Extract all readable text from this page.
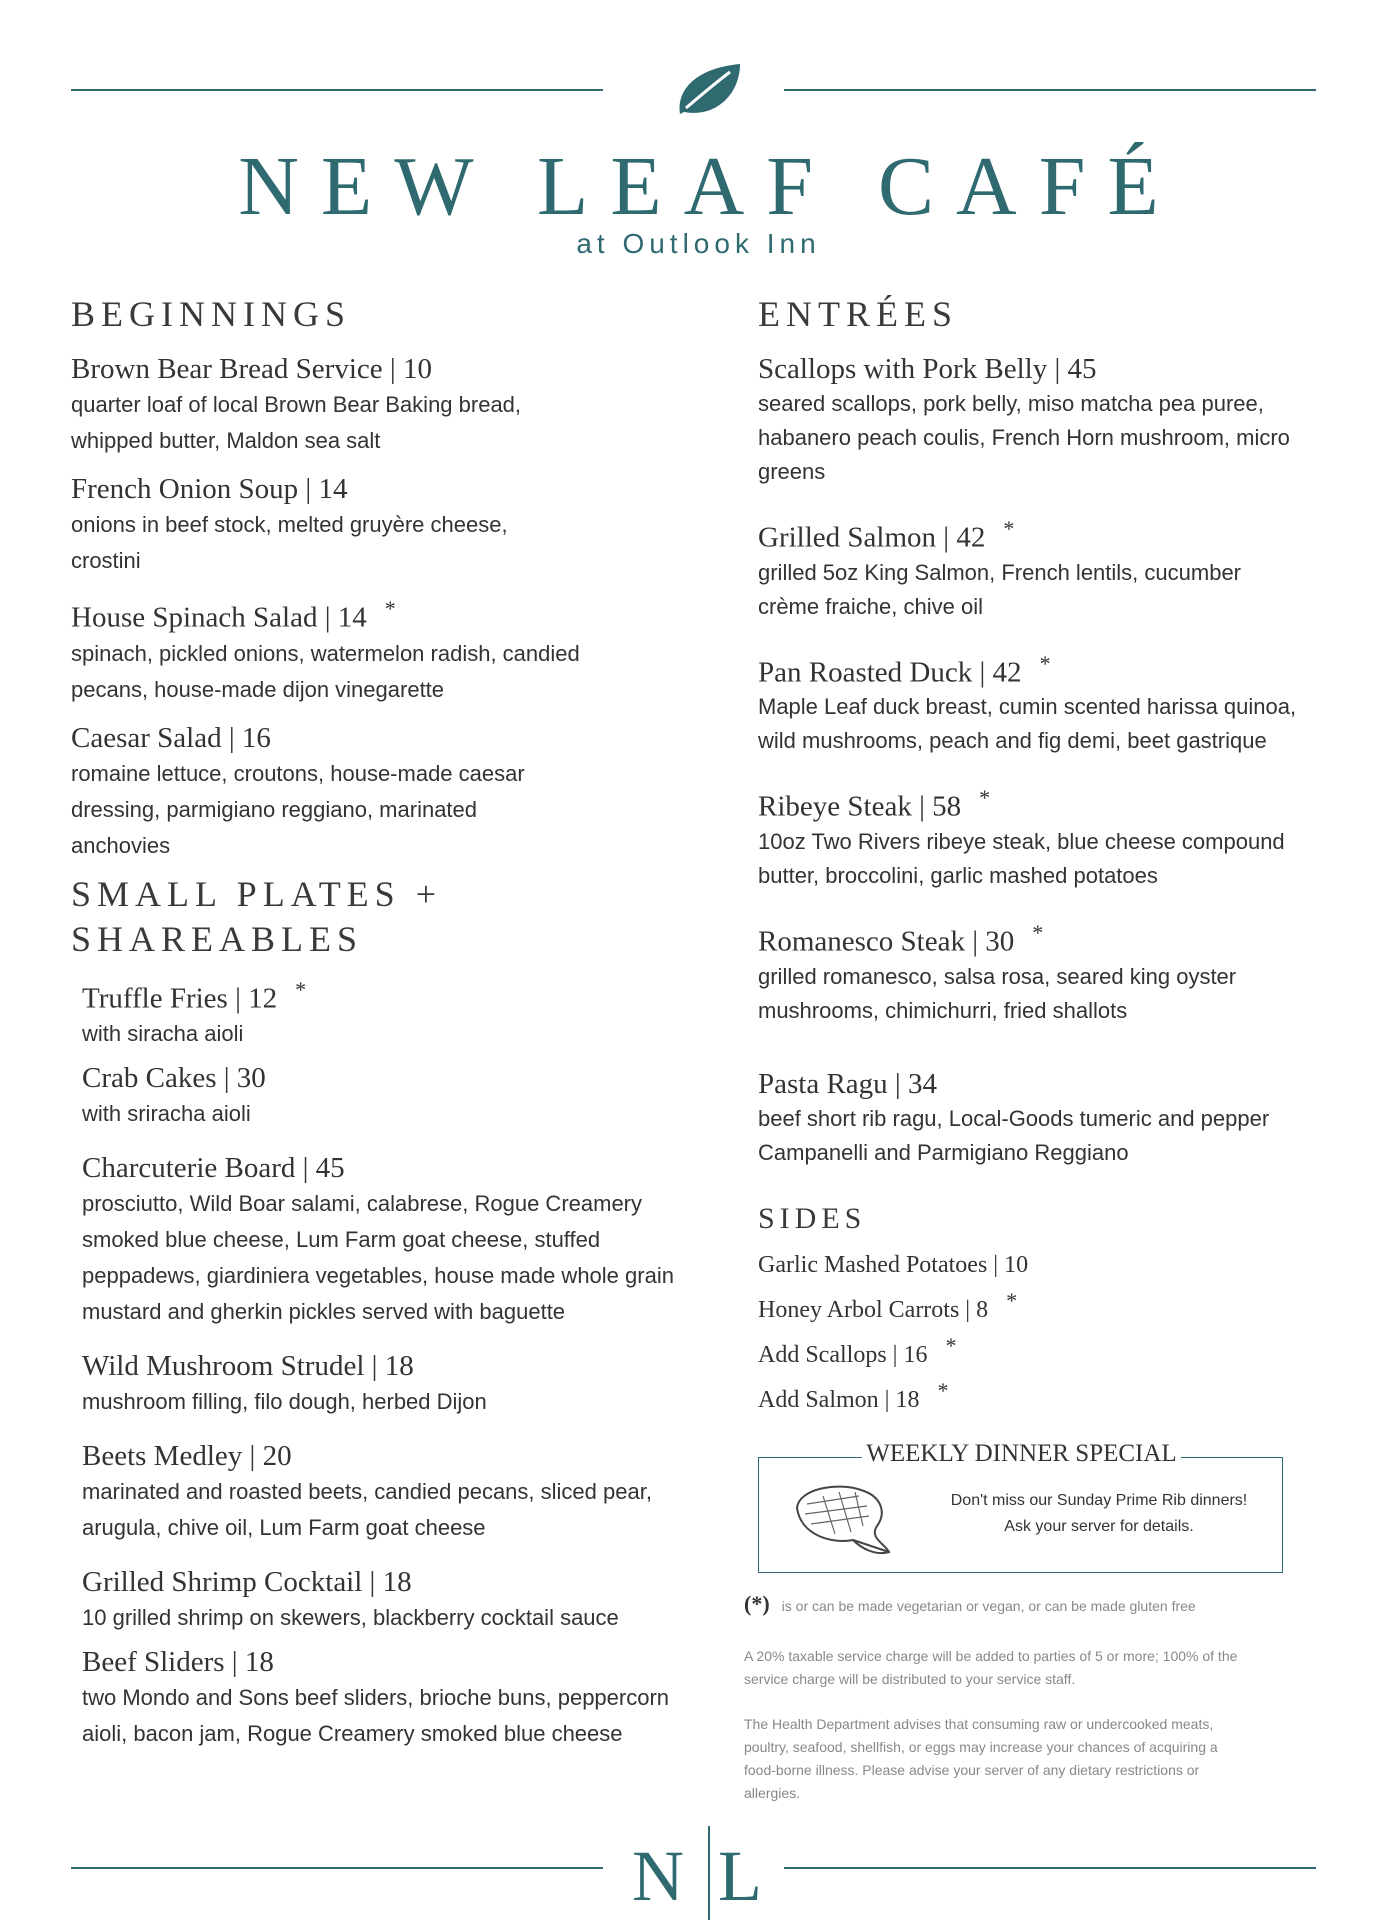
NEW LEAF CAFÉ
at Outlook Inn
BEGINNINGS
Brown Bear Bread Service | 10
quarter loaf of local Brown Bear Baking bread,
whipped butter, Maldon sea salt
French Onion Soup | 14
onions in beef stock, melted gruyère cheese,
crostini
House Spinach Salad | 14 *
spinach, pickled onions, watermelon radish, candied
pecans, house-made dijon vinegarette
Caesar Salad | 16
romaine lettuce, croutons, house-made caesar
dressing, parmigiano reggiano, marinated
anchovies
SMALL PLATES +
SHAREABLES
Truffle Fries | 12 *
with siracha aioli
Crab Cakes | 30
with sriracha aioli
Charcuterie Board | 45
prosciutto, Wild Boar salami, calabrese, Rogue Creamery
smoked blue cheese, Lum Farm goat cheese, stuffed
peppadews, giardiniera vegetables, house made whole grain
mustard and gherkin pickles served with baguette
Wild Mushroom Strudel | 18
mushroom filling, filo dough, herbed Dijon
Beets Medley | 20
marinated and roasted beets, candied pecans, sliced pear,
arugula, chive oil, Lum Farm goat cheese
Grilled Shrimp Cocktail | 18
10 grilled shrimp on skewers, blackberry cocktail sauce
Beef Sliders | 18
two Mondo and Sons beef sliders, brioche buns, peppercorn
aioli, bacon jam, Rogue Creamery smoked blue cheese
ENTRÉES
Scallops with Pork Belly | 45
seared scallops, pork belly, miso matcha pea puree,
habanero peach coulis, French Horn mushroom, micro
greens
Grilled Salmon | 42 *
grilled 5oz King Salmon, French lentils, cucumber
crème fraiche, chive oil
Pan Roasted Duck | 42 *
Maple Leaf duck breast, cumin scented harissa quinoa,
wild mushrooms, peach and fig demi, beet gastrique
Ribeye Steak | 58 *
10oz Two Rivers ribeye steak, blue cheese compound
butter, broccolini, garlic mashed potatoes
Romanesco Steak | 30 *
grilled romanesco, salsa rosa, seared king oyster
mushrooms, chimichurri, fried shallots
Pasta Ragu | 34
beef short rib ragu, Local-Goods tumeric and pepper
Campanelli and Parmigiano Reggiano
SIDES
Garlic Mashed Potatoes | 10
Honey Arbol Carrots | 8 *
Add Scallops | 16 *
Add Salmon | 18 *
WEEKLY DINNER SPECIAL
Don't miss our Sunday Prime Rib dinners!
Ask your server for details.
(*) is or can be made vegetarian or vegan, or can be made gluten free
A 20% taxable service charge will be added to parties of 5 or more; 100% of the
service charge will be distributed to your service staff.
The Health Department advises that consuming raw or undercooked meats,
poultry, seafood, shellfish, or eggs may increase your chances of acquiring a
food-borne illness. Please advise your server of any dietary restrictions or
allergies.
N L
